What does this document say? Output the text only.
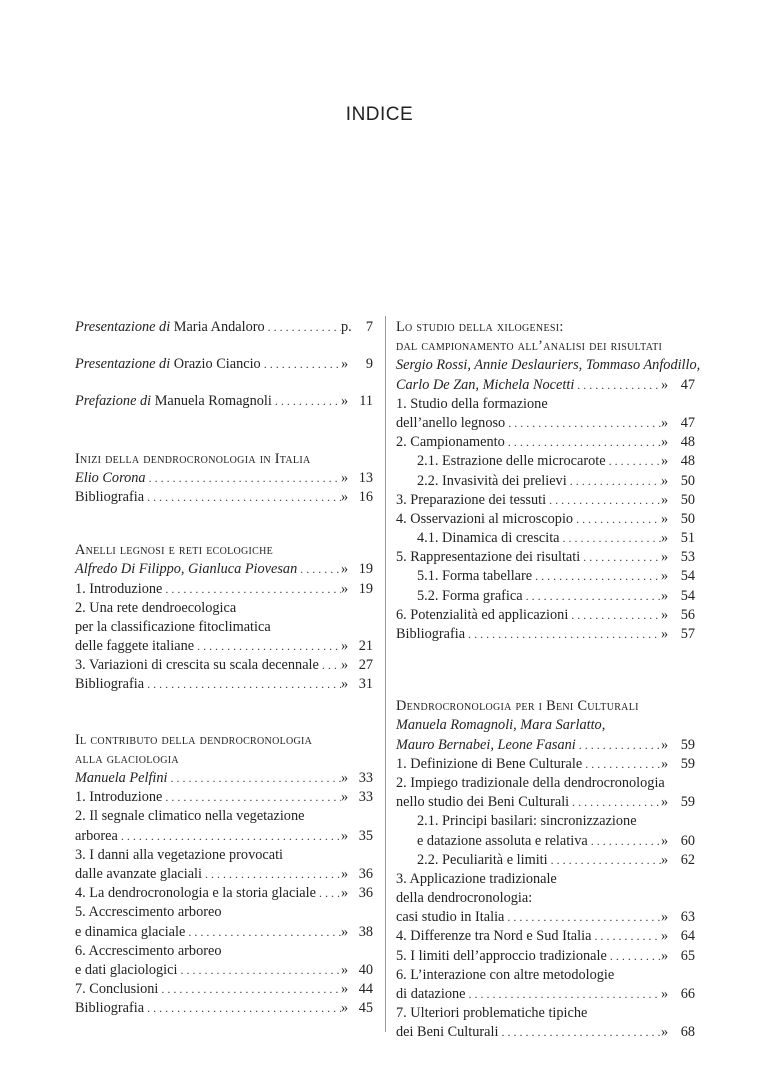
INDICE
Presentazione di Maria Andaloro . . .	p. 7
Presentazione di Orazio Ciancio . . .	»	9
Prefazione di Manuela Romagnoli . . .	» 11
Inizi della dendrocronologia in Italia
Elio Corona . . .	» 13
Bibliografia . . .	» 16
Anelli legnosi e reti ecologiche
Alfredo Di Filippo, Gianluca Piovesan . . .	» 19
1. Introduzione . . .	» 19
2. Una rete dendroecologica
per la classificazione fitoclimatica
delle faggete italiane . . .	» 21
3. Variazioni di crescita su scala decennale . . . » 27
Bibliografia . . .	» 31
Il contributo della dendrocronologia
alla glaciologia
Manuela Pelfini . . .	» 33
1. Introduzione . . .	» 33
2. Il segnale climatico nella vegetazione
arborea . . .	» 35
3. I danni alla vegetazione provocati
dalle avanzate glaciali . . .	» 36
4. La dendrocronologia e la storia glaciale . . . » 36
5. Accrescimento arboreo
e dinamica glaciale . . .	» 38
6. Accrescimento arboreo
e dati glaciologici . . .	» 40
7. Conclusioni . . .	» 44
Bibliografia . . .	» 45
Lo studio della xilogenesi:
dal campionamento all’analisi dei risultati
Sergio Rossi, Annie Deslauriers, Tommaso Anfodillo,
Carlo De Zan, Michela Nocetti . . .	» 47
1. Studio della formazione
dell’anello legnoso . . .	» 47
2. Campionamento . . .	» 48
2.1. Estrazione delle microcarote . . .	» 48
2.2. Invasività dei prelievi . . .	» 50
3. Preparazione dei tessuti . . .	» 50
4. Osservazioni al microscopio . . .	» 50
4.1. Dinamica di crescita . . .	» 51
5. Rappresentazione dei risultati . . .	» 53
5.1. Forma tabellare . . .	» 54
5.2. Forma grafica . . .	» 54
6. Potenzialità ed applicazioni . . .	» 56
Bibliografia . . .	» 57
Dendrocronologia per i Beni Culturali
Manuela Romagnoli, Mara Sarlatto,
Mauro Bernabei, Leone Fasani . . .	» 59
1. Definizione di Bene Culturale . . .	» 59
2. Impiego tradizionale della dendrocronologia
nello studio dei Beni Culturali . . .	» 59
2.1. Principi basilari: sincronizzazione
e datazione assoluta e relativa . . .	» 60
2.2. Peculiarità e limiti . . .	» 62
3. Applicazione tradizionale
della dendrocronologia:
casi studio in Italia . . .	» 63
4. Differenze tra Nord e Sud Italia . . .	» 64
5. I limiti dell’approccio tradizionale . . .	» 65
6. L’interazione con altre metodologie
di datazione . . .	» 66
7. Ulteriori problematiche tipiche
dei Beni Culturali . . .	» 68
